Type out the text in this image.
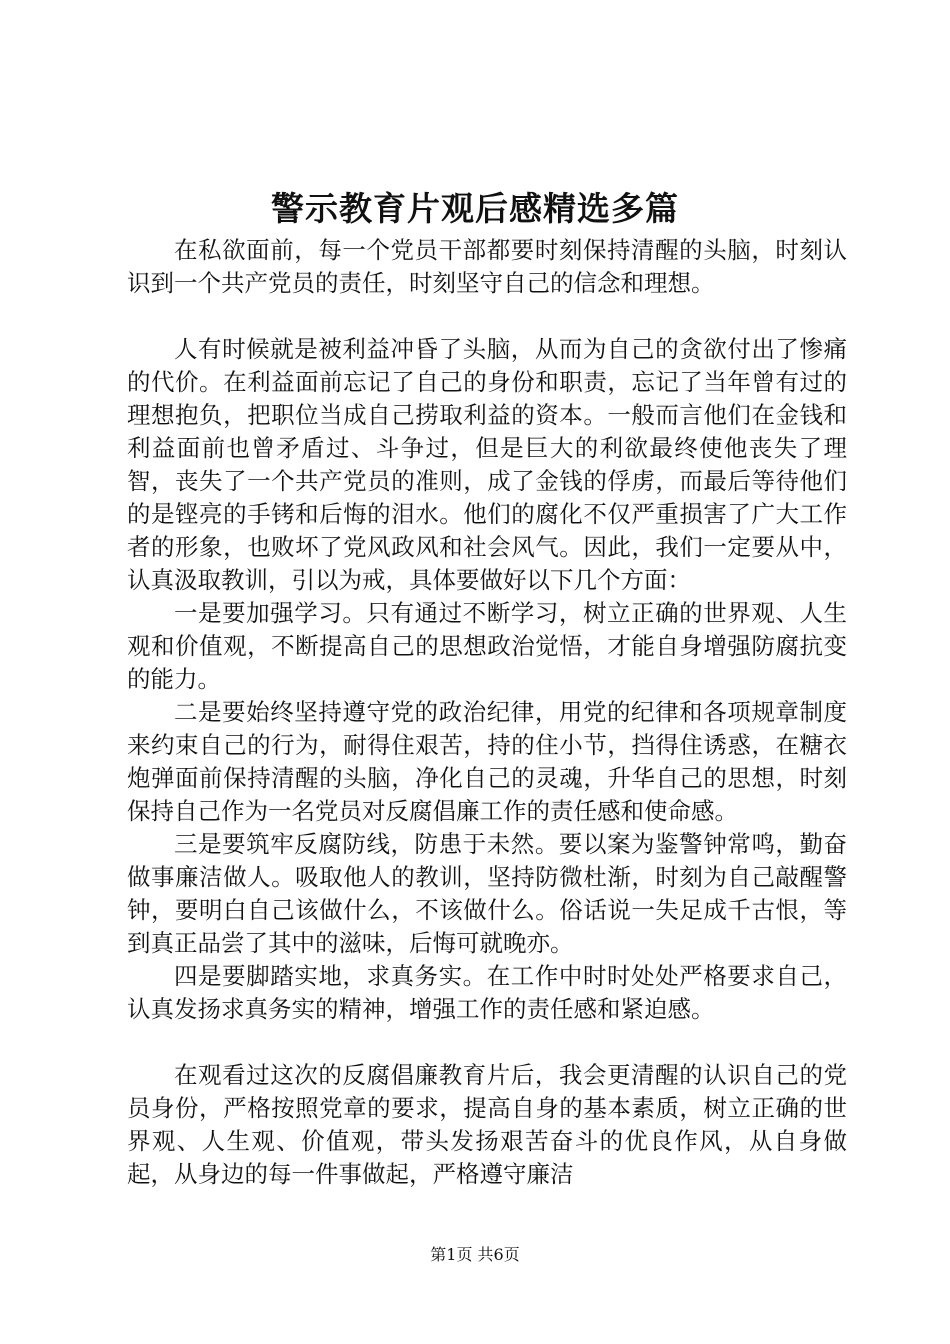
警示教育片观后感精选多篇

在私欲面前，每一个党员干部都要时刻保持清醒的头脑，时刻认识到一个共产党员的责任，时刻坚守自己的信念和理想。

人有时候就是被利益冲昏了头脑，从而为自己的贪欲付出了惨痛的代价。在利益面前忘记了自己的身份和职责，忘记了当年曾有过的理想抱负，把职位当成自己捞取利益的资本。一般而言他们在金钱和利益面前也曾矛盾过、斗争过，但是巨大的利欲最终使他丧失了理智，丧失了一个共产党员的准则，成了金钱的俘虏，而最后等待他们的是铿亮的手铐和后悔的泪水。他们的腐化不仅严重损害了广大工作者的形象，也败坏了党风政风和社会风气。因此，我们一定要从中，认真汲取教训，引以为戒，具体要做好以下几个方面：

一是要加强学习。只有通过不断学习，树立正确的世界观、人生观和价值观，不断提高自己的思想政治觉悟，才能自身增强防腐抗变的能力。

二是要始终坚持遵守党的政治纪律，用党的纪律和各项规章制度来约束自己的行为，耐得住艰苦，持的住小节，挡得住诱惑，在糖衣炮弹面前保持清醒的头脑，净化自己的灵魂，升华自己的思想，时刻保持自己作为一名党员对反腐倡廉工作的责任感和使命感。

三是要筑牢反腐防线，防患于未然。要以案为鉴警钟常鸣，勤奋做事廉洁做人。吸取他人的教训，坚持防微杜渐，时刻为自己敲醒警钟，要明白自己该做什么，不该做什么。俗话说一失足成千古恨，等到真正品尝了其中的滋味，后悔可就晚亦。

四是要脚踏实地，求真务实。在工作中时时处处严格要求自己，认真发扬求真务实的精神，增强工作的责任感和紧迫感。

在观看过这次的反腐倡廉教育片后，我会更清醒的认识自己的党员身份，严格按照党章的要求，提高自身的基本素质，树立正确的世界观、人生观、价值观，带头发扬艰苦奋斗的优良作风，从自身做起，从身边的每一件事做起，严格遵守廉洁

第1页 共6页
